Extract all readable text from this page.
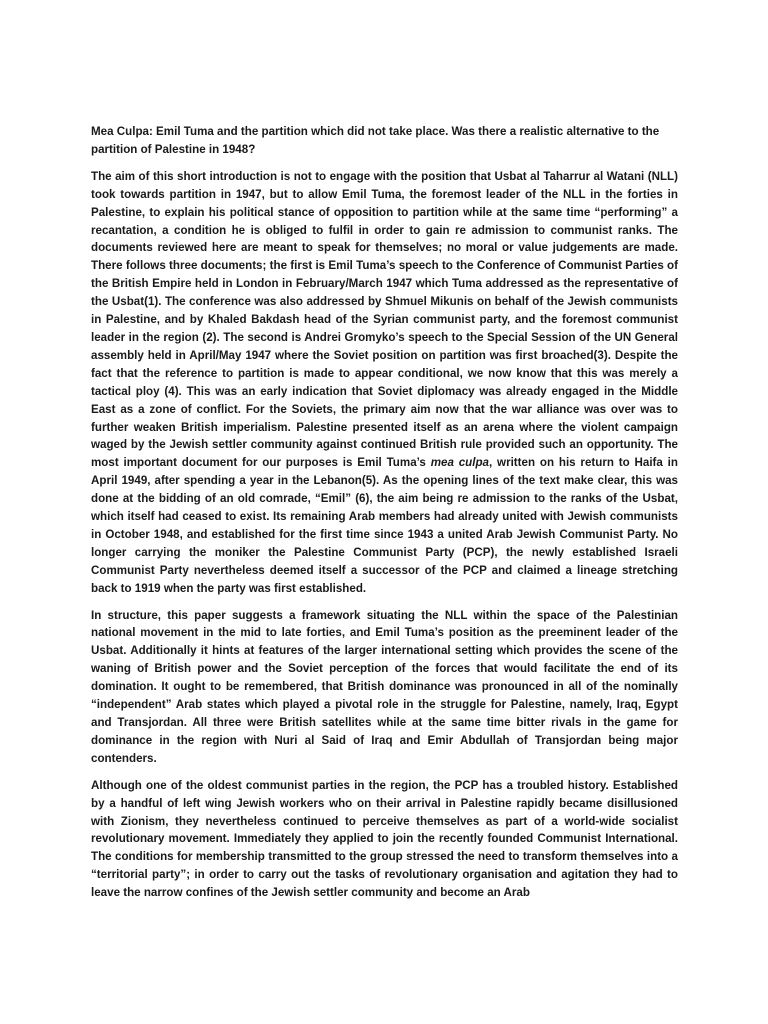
Mea Culpa: Emil Tuma and the partition which did not take place. Was there a realistic alternative to the partition of Palestine in 1948?

The aim of this short introduction is not to engage with the position that Usbat al Taharrur al Watani (NLL) took towards partition in 1947, but to allow Emil Tuma, the foremost leader of the NLL in the forties in Palestine, to explain his political stance of opposition to partition while at the same time “performing” a recantation, a condition he is obliged to fulfil in order to gain re admission to communist ranks. The documents reviewed here are meant to speak for themselves; no moral or value judgements are made. There follows three documents; the first is Emil Tuma’s speech to the Conference of Communist Parties of the British Empire held in London in February/March 1947 which Tuma addressed as the representative of the Usbat(1). The conference was also addressed by Shmuel Mikunis on behalf of the Jewish communists in Palestine, and by Khaled Bakdash head of the Syrian communist party, and the foremost communist leader in the region (2). The second is Andrei Gromyko’s speech to the Special Session of the UN General assembly held in April/May 1947 where the Soviet position on partition was first broached(3). Despite the fact that the reference to partition is made to appear conditional, we now know that this was merely a tactical ploy (4). This was an early indication that Soviet diplomacy was already engaged in the Middle East as a zone of conflict. For the Soviets, the primary aim now that the war alliance was over was to further weaken British imperialism. Palestine presented itself as an arena where the violent campaign waged by the Jewish settler community against continued British rule provided such an opportunity. The most important document for our purposes is Emil Tuma’s mea culpa, written on his return to Haifa in April 1949, after spending a year in the Lebanon(5). As the opening lines of the text make clear, this was done at the bidding of an old comrade, “Emil” (6), the aim being re admission to the ranks of the Usbat, which itself had ceased to exist. Its remaining Arab members had already united with Jewish communists in October 1948, and established for the first time since 1943 a united Arab Jewish Communist Party. No longer carrying the moniker the Palestine Communist Party (PCP), the newly established Israeli Communist Party nevertheless deemed itself a successor of the PCP and claimed a lineage stretching back to 1919 when the party was first established.

In structure, this paper suggests a framework situating the NLL within the space of the Palestinian national movement in the mid to late forties, and Emil Tuma’s position as the preeminent leader of the Usbat. Additionally it hints at features of the larger international setting which provides the scene of the waning of British power and the Soviet perception of the forces that would facilitate the end of its domination. It ought to be remembered, that British dominance was pronounced in all of the nominally “independent” Arab states which played a pivotal role in the struggle for Palestine, namely, Iraq, Egypt and Transjordan. All three were British satellites while at the same time bitter rivals in the game for dominance in the region with Nuri al Said of Iraq and Emir Abdullah of Transjordan being major contenders.

Although one of the oldest communist parties in the region, the PCP has a troubled history. Established by a handful of left wing Jewish workers who on their arrival in Palestine rapidly became disillusioned with Zionism, they nevertheless continued to perceive themselves as part of a world-wide socialist revolutionary movement. Immediately they applied to join the recently founded Communist International. The conditions for membership transmitted to the group stressed the need to transform themselves into a “territorial party”; in order to carry out the tasks of revolutionary organisation and agitation they had to leave the narrow confines of the Jewish settler community and become an Arab
